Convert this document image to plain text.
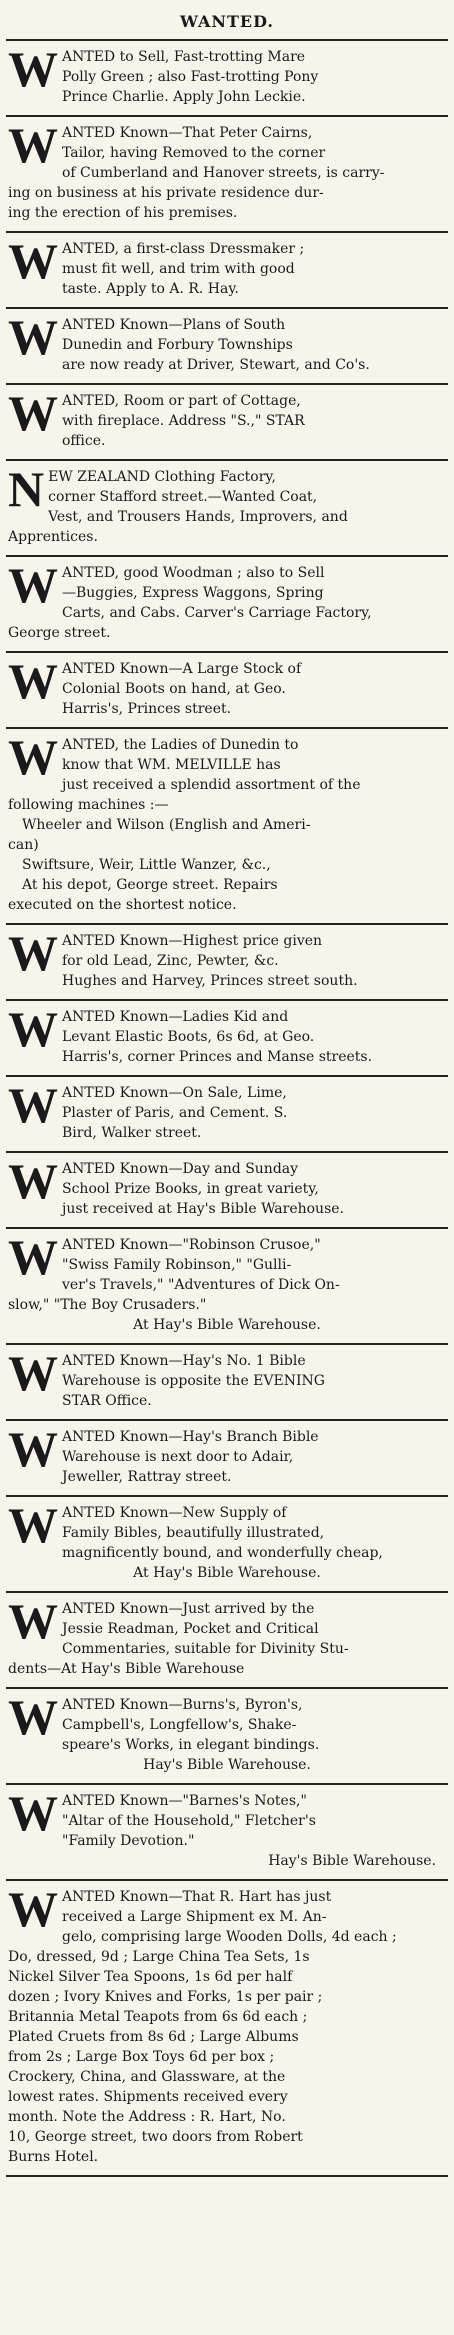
WANTED.
W ANTED to Sell, Fast-trotting Mare
Polly Green ; also Fast-trotting Pony
Prince Charlie. Apply John Leckie.
W ANTED Known—That Peter Cairns,
Tailor, having Removed to the corner
of Cumberland and Hanover streets, is carry-
ing on business at his private residence dur-
ing the erection of his premises.
W ANTED, a first-class Dressmaker ;
must fit well, and trim with good
taste. Apply to A. R. Hay.
W ANTED Known—Plans of South
Dunedin and Forbury Townships
are now ready at Driver, Stewart, and Co's.
W ANTED, Room or part of Cottage,
with fireplace. Address "S.," STAR
office.
N EW ZEALAND Clothing Factory,
corner Stafford street.—Wanted Coat,
Vest, and Trousers Hands, Improvers, and
Apprentices.
W ANTED, good Woodman ; also to Sell
—Buggies, Express Waggons, Spring
Carts, and Cabs. Carver's Carriage Factory,
George street.
W ANTED Known—A Large Stock of
Colonial Boots on hand, at Geo.
Harris's, Princes street.
W ANTED, the Ladies of Dunedin to
know that WM. MELVILLE has
just received a splendid assortment of the
following machines :—
Wheeler and Wilson (English and Ameri-
can)
Swiftsure, Weir, Little Wanzer, &c.,
At his depot, George street. Repairs
executed on the shortest notice.
W ANTED Known—Highest price given
for old Lead, Zinc, Pewter, &c.
Hughes and Harvey, Princes street south.
W ANTED Known—Ladies Kid and
Levant Elastic Boots, 6s 6d, at Geo.
Harris's, corner Princes and Manse streets.
W ANTED Known—On Sale, Lime,
Plaster of Paris, and Cement. S.
Bird, Walker street.
W ANTED Known—Day and Sunday
School Prize Books, in great variety,
just received at Hay's Bible Warehouse.
W ANTED Known—"Robinson Crusoe,"
"Swiss Family Robinson," "Gulli-
ver's Travels," "Adventures of Dick On-
slow," "The Boy Crusaders."
At Hay's Bible Warehouse.
W ANTED Known—Hay's No. 1 Bible
Warehouse is opposite the EVENING
STAR Office.
W ANTED Known—Hay's Branch Bible
Warehouse is next door to Adair,
Jeweller, Rattray street.
W ANTED Known—New Supply of
Family Bibles, beautifully illustrated,
magnificently bound, and wonderfully cheap,
At Hay's Bible Warehouse.
W ANTED Known—Just arrived by the
Jessie Readman, Pocket and Critical
Commentaries, suitable for Divinity Stu-
dents—At Hay's Bible Warehouse
W ANTED Known—Burns's, Byron's,
Campbell's, Longfellow's, Shake-
speare's Works, in elegant bindings.
Hay's Bible Warehouse.
W ANTED Known—"Barnes's Notes,"
"Altar of the Household," Fletcher's
"Family Devotion."
Hay's Bible Warehouse.
W ANTED Known—That R. Hart has just
received a Large Shipment ex M. An-
gelo, comprising large Wooden Dolls, 4d each ;
Do, dressed, 9d ; Large China Tea Sets, 1s
Nickel Silver Tea Spoons, 1s 6d per half
dozen ; Ivory Knives and Forks, 1s per pair ;
Britannia Metal Teapots from 6s 6d each ;
Plated Cruets from 8s 6d ; Large Albums
from 2s ; Large Box Toys 6d per box ;
Crockery, China, and Glassware, at the
lowest rates. Shipments received every
month. Note the Address : R. Hart, No.
10, George street, two doors from Robert
Burns Hotel.
